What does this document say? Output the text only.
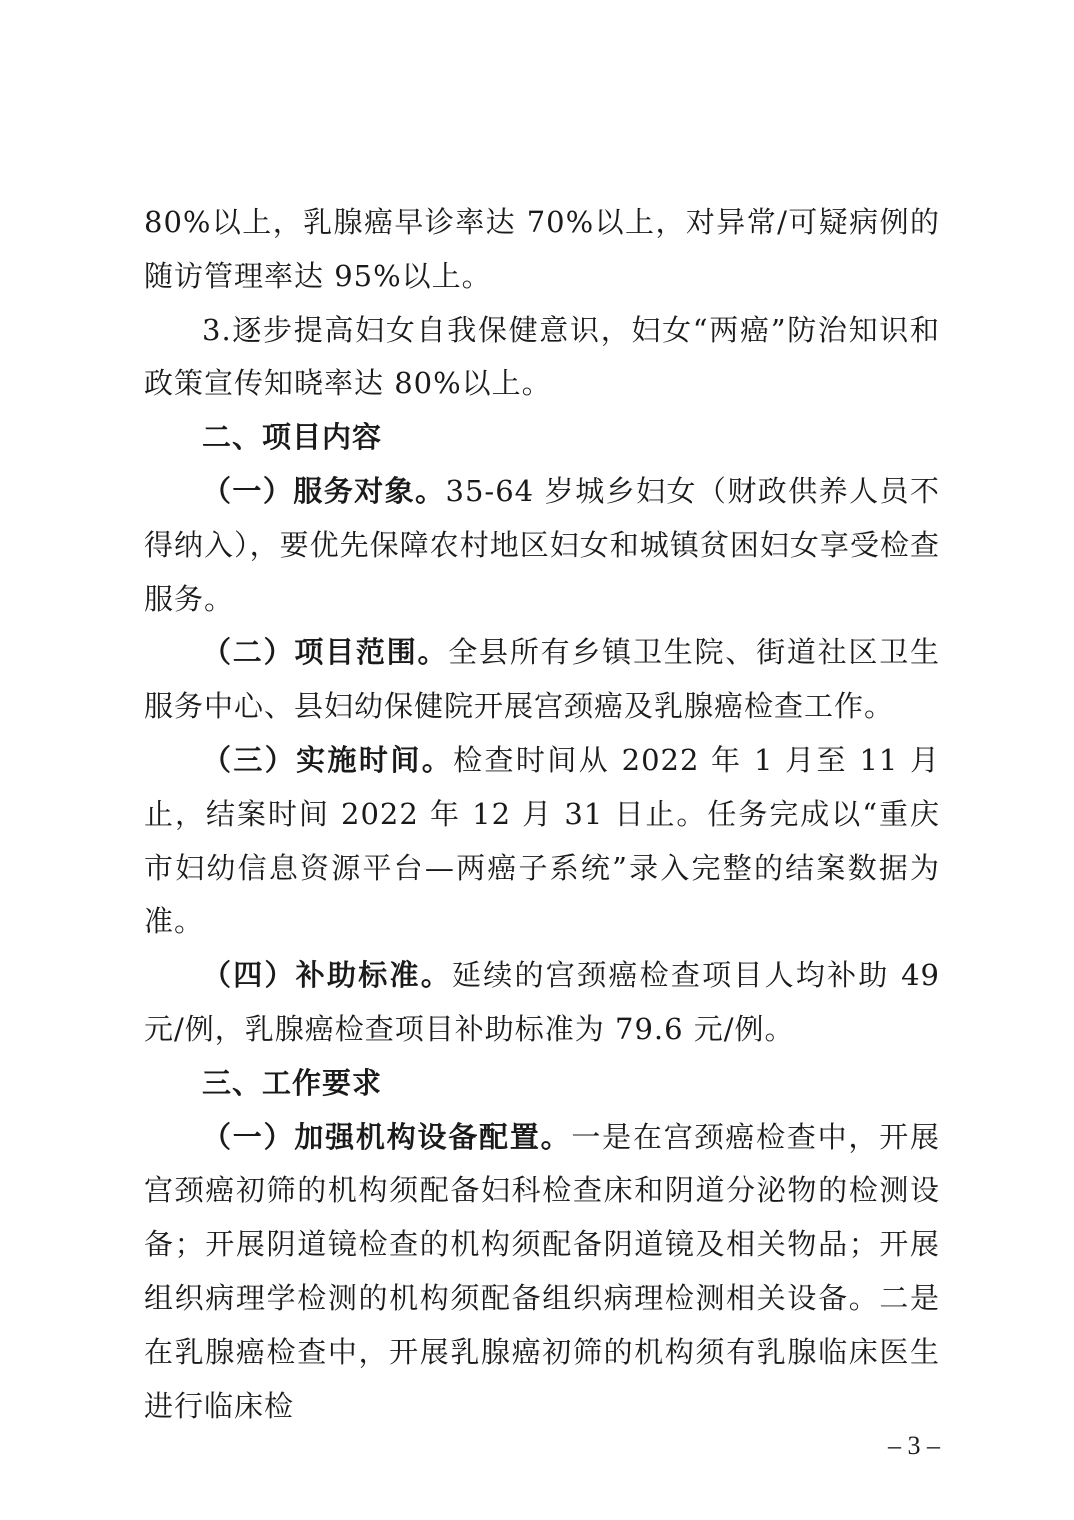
80%以上，乳腺癌早诊率达 70%以上，对异常/可疑病例的随访管理率达 95%以上。

3.逐步提高妇女自我保健意识，妇女“两癌”防治知识和政策宣传知晓率达 80%以上。

二、项目内容

（一）服务对象。35-64 岁城乡妇女（财政供养人员不得纳入），要优先保障农村地区妇女和城镇贫困妇女享受检查服务。

（二）项目范围。全县所有乡镇卫生院、街道社区卫生服务中心、县妇幼保健院开展宫颈癌及乳腺癌检查工作。

（三）实施时间。检查时间从 2022 年 1 月至 11 月止，结案时间 2022 年 12 月 31 日止。任务完成以“重庆市妇幼信息资源平台—两癌子系统”录入完整的结案数据为准。

（四）补助标准。延续的宫颈癌检查项目人均补助 49 元/例，乳腺癌检查项目补助标准为 79.6 元/例。

三、工作要求

（一）加强机构设备配置。一是在宫颈癌检查中，开展宫颈癌初筛的机构须配备妇科检查床和阴道分泌物的检测设备；开展阴道镜检查的机构须配备阴道镜及相关物品；开展组织病理学检测的机构须配备组织病理检测相关设备。二是在乳腺癌检查中，开展乳腺癌初筛的机构须有乳腺临床医生进行临床检

– 3 –
